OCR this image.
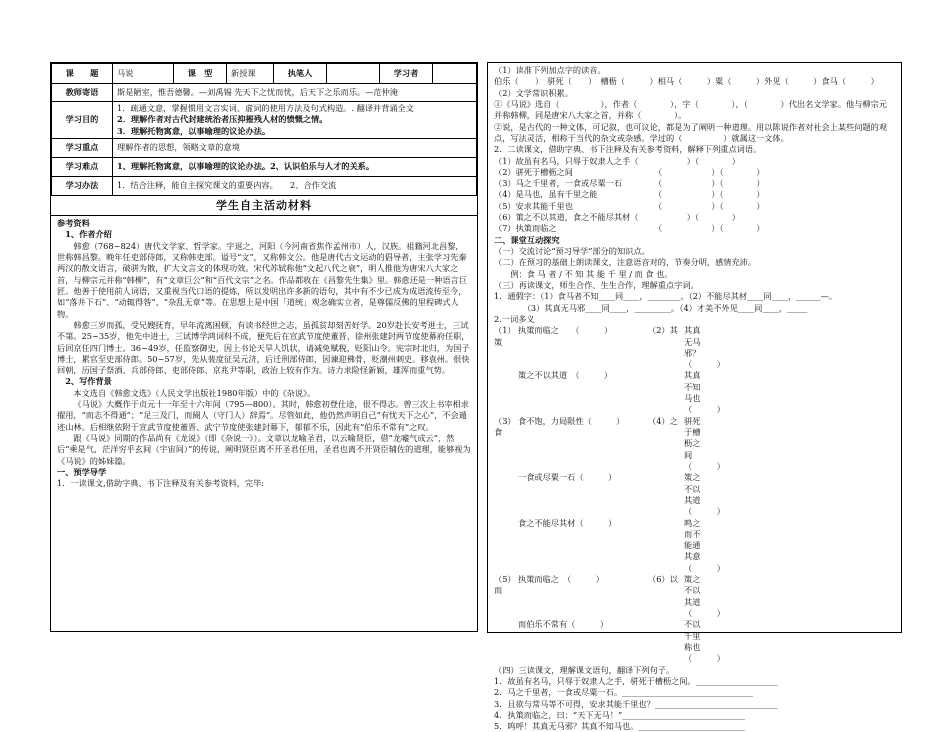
课　　题	马说	课　型	新授课	执笔人		学习者	
教师寄语	斯是陋室，惟吾德馨。—刘禹锡 先天下之忧而忧，后天下之乐而乐。—范仲淹						
学习目的	1．疏通文意，掌握惯用文言实词、虚词的使用方法及句式构造。. 翻译并背诵全文
2．理解作者对古代封建统治者压抑摧残人材的愤慨之情。
3．理解托物寓意，以事喻理的议论办法。						

学习重点	理解作者的思想，领略文章的意境						
学习难点	1、理解托物寓意，以事喻理的议论办法。2、认识伯乐与人才的关系。						
学习办法	1．结合注释，能自主探究课文的重要内容。　　2、合作交流						
学生自主活动材料

参考资料

1、作者介绍

韩愈（768~824）唐代文学家、哲学家。字退之，河阳（今河南省焦作孟州市）人，汉族。祖籍河北昌黎，世称韩昌黎。晚年任吏部侍郎，又称韩吏部。谥号“文”，又称韩文公。他是唐代古文运动的倡导者，主张学习先秦两汉的散文语言，破骈为散，扩大文言文的体现功效。宋代苏轼称他“文起八代之衰”，明人推他为唐宋八大家之首，与柳宗元并称“韩柳”，有“文章巨公”和“百代文宗”之名。作品都收在《昌黎先生集》里。韩愈还是一种语言巨匠。他善于使用前人词语，又重视当代口语的提炼，所以发明出许多新的语句，其中有不少已成为成语流传至今，如“落井下石”、“动辄得咎”、“杂乱无章”等。在思想上是中国「道统」观念确实立者，是尊儒反佛的里程碑式人物。

韩愈三岁而孤，受兄嫂抚育，早年流离困顿，有读书经世之志，虽孤贫却刻苦好学。20岁赴长安考进士，三试不第。25~35岁，他先中进士，三试博学鸿词科不成，便先后在宣武节度使董晋、徐州张建封两节度使幕府任职，后回京任四门博士。36~49岁，任监察御史，因上书论天旱人饥状，请减免赋税，贬阳山令。宪宗时北归，为国子博士，累官至史部侍郎。50~57岁，先从裴度征吴元济，后迁刑部侍郎，因谏迎佛骨，贬潮州刺史。移袁州。很快回朝，历国子祭酒、兵部侍郎、吏部侍郎、京兆尹等职，政治上较有作为。诗力求险怪新颖，雄浑而重气势。

2、写作背景

本文选自《韩愈文选》（人民文学出版社1980年版）中的《杂说》。

《马说》大概作于贞元十一年至十六年间（795—800）。其时，韩愈初登仕途，很不得志。曾三次上书宰相求擢用，“而志不得通”；“足三及门，而阍人（守门人）辞焉”。尽管如此，他仍然声明自己“有忧天下之心”，不会遁迹山林。后相继依附于宣武节度使董晋、武宁节度使张建封幕下，郁郁不乐，因此有“伯乐不常有”之叹。

跟《马说》同期的作品尚有《龙说》（即《杂说一》）。文章以龙喻圣君，以云喻贤臣，借“龙嘘气成云”，然后“乘是气，茫洋穷乎玄间（宇宙间）”的传说，阐明贤臣离不开圣君任用，圣君也离不开贤臣辅佐的道理，能够视为《马说》的姊妹篇。

一、预学导学

1．一读课文,借助字典、书下注释及有关参考资料，完毕:

（1）读准下列加点字的读音。

伯乐（　　）　骈死（　　）　槽枥（　　　）相马（　　　）粟（　　　）外见（　　　）食马（　　　）

（2）文学常识积累。

①《马说》选自（　　　　　），作者（　　　　），字（　　　　），（　　　　）代出名文学家。他与柳宗元并称韩柳，同是唐宋八大家之首，并称（　　　　）。

②说，是古代的一种文体，可记叙，也可议论，都是为了阐明一种道理。用以陈说作者对社会上某些问题的观点，写法灵活，相称于当代的杂文或杂感。学过的（　　　　　）就属这一文体。

2．二读课文，借助字典、书下注释及有关参考资料，解释下列重点词语。

（1）故虽有名马，只辱于奴隶人之手（	　　　　）（　　　　）
（2）骈死于槽枥之间	（　　　　　　）（　　　　）
（3）马之千里者，一食或尽粟一石	（　　　　　　）（　　　　）
（4）是马也，虽有千里之能	（　　　　　　）（　　　　）
（5）安求其能千里也	（　　　　　　）（　　　　）
（6）策之不以其道，食之不能尽其材（	　　　　）（　　　　）
（7）执策而临之	（　　　　　　）（　　　　）

二、课堂互动探究

（一）交流讨论“预习导学”部分的知识点。

（二）在预习的基础上朗读课文，注意语音对的，节奏分明，感情充沛。

例：食 马 者 / 不 知 其 能 千 里 / 而 食 也。

（三）再读课文，师生合作、生生合作，理解重点字词。

1．通假字：（1）食马者不知____同____，________。（2）不能尽其材____同____，______—。

（3）其真无马邪____同____，_________。（4）才美不外见____同____，_____

2.一词多义

（1）策
执策而临之　　（　　　）	（2）其 其真无马邪？（　　　）
策之不以其道　（　　　）	其真不知马也（　　　）
（3）食
食不饱，力局限性（　　　）	（4）之 骈死于槽枥之间（　　　）
一食或尽粟一石（　　　）	策之不以其道（　　　）
食之不能尽其材（　　　）	鸣之而不能通其意（　　　）
（5）而
执策而临之　（　　　）	（6）以 策之不以其道（　　　）
而伯乐不常有（　　　）	不以千里称也（　　　）

（四）三读课文，理解课文语句，翻译下列句子。

1．故虽有名马，只辱于奴隶人之手，骈死于槽枥之间。____________________

2．马之千里者，一食或尽粟一石。________________________________

3．且欲与常马等不可得，安求其能千里也？______________________________

4．执策而临之，曰：“天下无马！”______________________________

5．呜呼！其真无马邪？其真不知马也。__________________________
